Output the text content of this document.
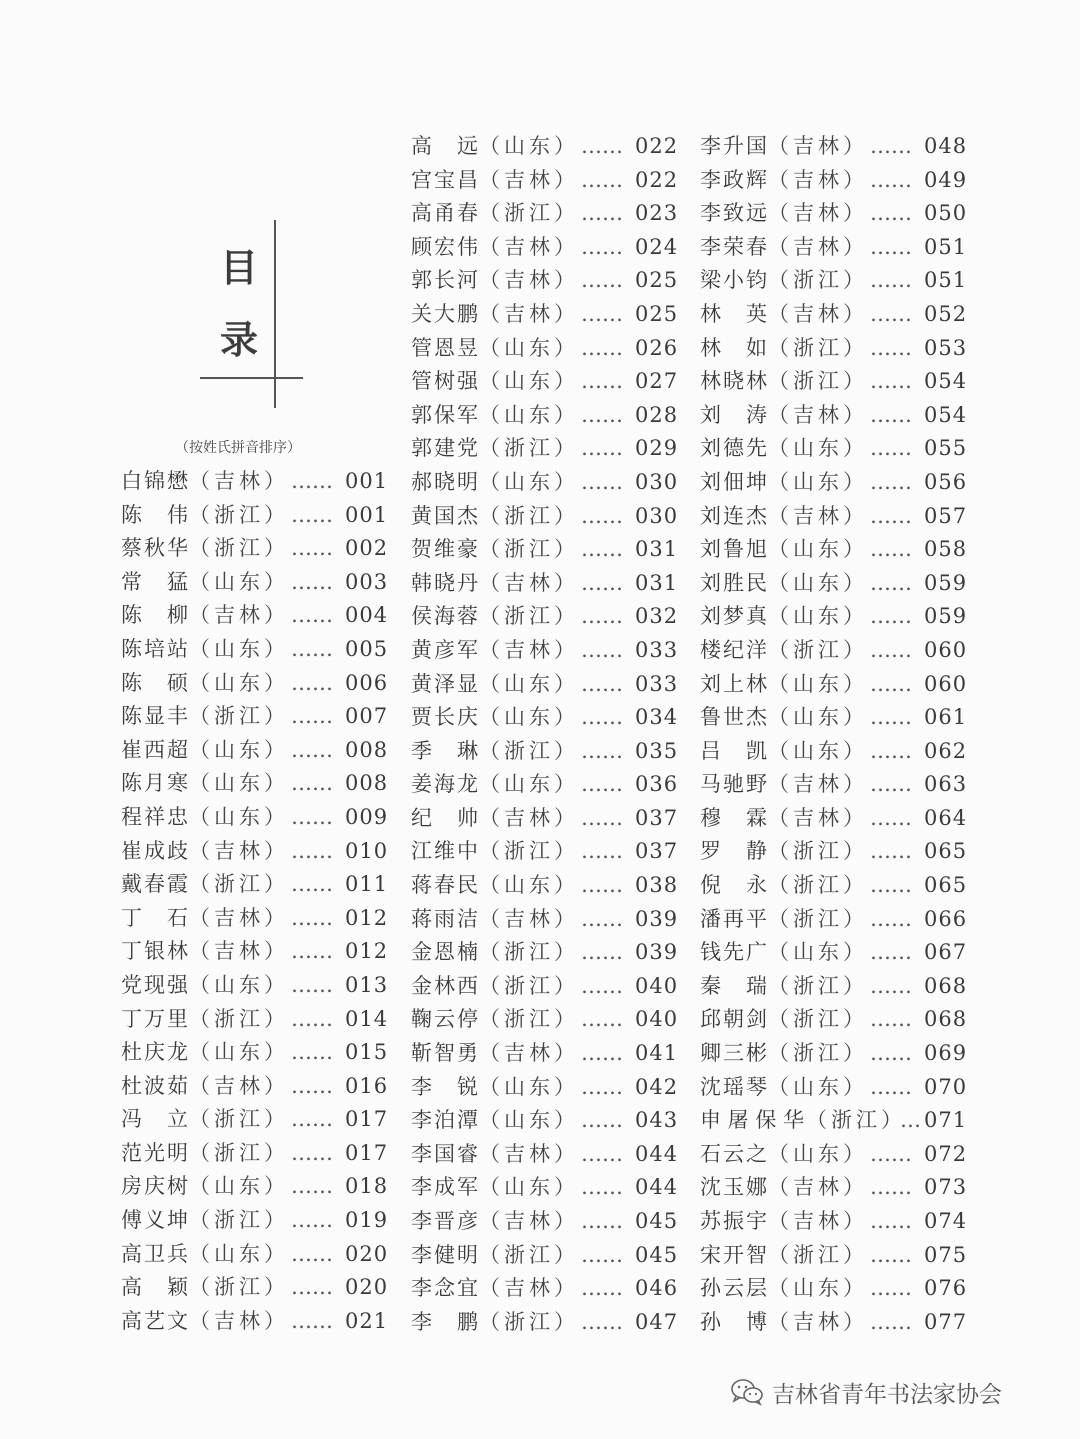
目
录
（按姓氏拼音排序）
白锦懋 （吉林） …… 001
陈伟 （浙江） …… 001
蔡秋华 （浙江） …… 002
常猛 （山东） …… 003
陈柳 （吉林） …… 004
陈培站 （山东） …… 005
陈硕 （山东） …… 006
陈显丰 （浙江） …… 007
崔西超 （山东） …… 008
陈月寒 （山东） …… 008
程祥忠 （山东） …… 009
崔成歧 （吉林） …… 010
戴春霞 （浙江） …… 011
丁石 （吉林） …… 012
丁银林 （吉林） …… 012
党现强 （山东） …… 013
丁万里 （浙江） …… 014
杜庆龙 （山东） …… 015
杜波茹 （吉林） …… 016
冯立 （浙江） …… 017
范光明 （浙江） …… 017
房庆树 （山东） …… 018
傅义坤 （浙江） …… 019
高卫兵 （山东） …… 020
高颖 （浙江） …… 020
高艺文 （吉林） …… 021
高远 （山东） …… 022
宫宝昌 （吉林） …… 022
高甬春 （浙江） …… 023
顾宏伟 （吉林） …… 024
郭长河 （吉林） …… 025
关大鹏 （吉林） …… 025
管恩昱 （山东） …… 026
管树强 （山东） …… 027
郭保军 （山东） …… 028
郭建党 （浙江） …… 029
郝晓明 （山东） …… 030
黄国杰 （浙江） …… 030
贺维豪 （浙江） …… 031
韩晓丹 （吉林） …… 031
侯海蓉 （浙江） …… 032
黄彦军 （吉林） …… 033
黄泽显 （山东） …… 033
贾长庆 （山东） …… 034
季琳 （浙江） …… 035
姜海龙 （山东） …… 036
纪帅 （吉林） …… 037
江维中 （浙江） …… 037
蒋春民 （山东） …… 038
蒋雨洁 （吉林） …… 039
金恩楠 （浙江） …… 039
金林西 （浙江） …… 040
鞠云停 （浙江） …… 040
靳智勇 （吉林） …… 041
李锐 （山东） …… 042
李泊潭 （山东） …… 043
李国睿 （吉林） …… 044
李成军 （山东） …… 044
李晋彦 （吉林） …… 045
李健明 （浙江） …… 045
李念宜 （吉林） …… 046
李鹏 （浙江） …… 047
李升国 （吉林） …… 048
李政辉 （吉林） …… 049
李致远 （吉林） …… 050
李荣春 （吉林） …… 051
梁小钧 （浙江） …… 051
林英 （吉林） …… 052
林如 （浙江） …… 053
林晓林 （浙江） …… 054
刘涛 （吉林） …… 054
刘德先 （山东） …… 055
刘佃坤 （山东） …… 056
刘连杰 （吉林） …… 057
刘鲁旭 （山东） …… 058
刘胜民 （山东） …… 059
刘梦真 （山东） …… 059
楼纪洋 （浙江） …… 060
刘上林 （山东） …… 060
鲁世杰 （山东） …… 061
吕凯 （山东） …… 062
马驰野 （吉林） …… 063
穆霖 （吉林） …… 064
罗静 （浙江） …… 065
倪永 （浙江） …… 065
潘再平 （浙江） …… 066
钱先广 （山东） …… 067
秦瑞 （浙江） …… 068
邱朝剑 （浙江） …… 068
卿三彬 （浙江） …… 069
沈瑶琴 （山东） …… 070
申屠保华 （浙江）
… 071
石云之 （山东） …… 072
沈玉娜 （吉林） …… 073
苏振宇 （吉林） …… 074
宋开智 （浙江） …… 075
孙云层 （山东） …… 076
孙博 （吉林） …… 077
吉林省青年书法家协会
